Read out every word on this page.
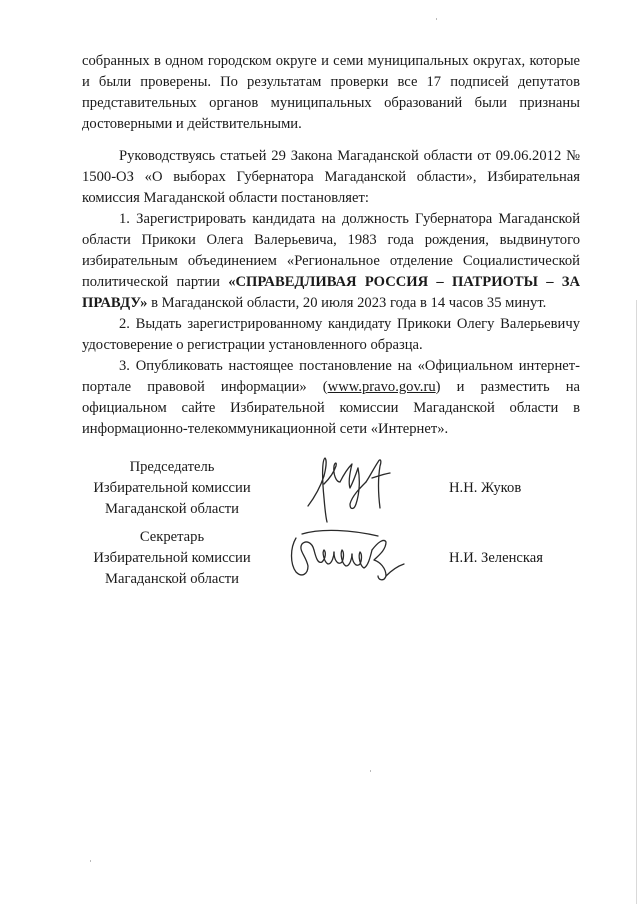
собранных в одном городском округе и семи муниципальных округах, которые и были проверены. По результатам проверки все 17 подписей депутатов представительных органов муниципальных образований были признаны достоверными и действительными.

Руководствуясь статьей 29 Закона Магаданской области от 09.06.2012 № 1500-ОЗ «О выборах Губернатора Магаданской области», Избирательная комиссия Магаданской области постановляет:

1. Зарегистрировать кандидата на должность Губернатора Магаданской области Прикоки Олега Валерьевича, 1983 года рождения, выдвинутого избирательным объединением «Региональное отделение Социалистической политической партии «СПРАВЕДЛИВАЯ РОССИЯ – ПАТРИОТЫ – ЗА ПРАВДУ» в Магаданской области, 20 июля 2023 года в 14 часов 35 минут.

2. Выдать зарегистрированному кандидату Прикоки Олегу Валерьевичу удостоверение о регистрации установленного образца.

3. Опубликовать настоящее постановление на «Официальном интернет-портале правовой информации» (www.pravo.gov.ru) и разместить на официальном сайте Избирательной комиссии Магаданской области в информационно-телекоммуникационной сети «Интернет».

Председатель
Избирательной комиссии
Магаданской области
Н.Н. Жуков
Секретарь
Избирательной комиссии
Магаданской области
Н.И. Зеленская
